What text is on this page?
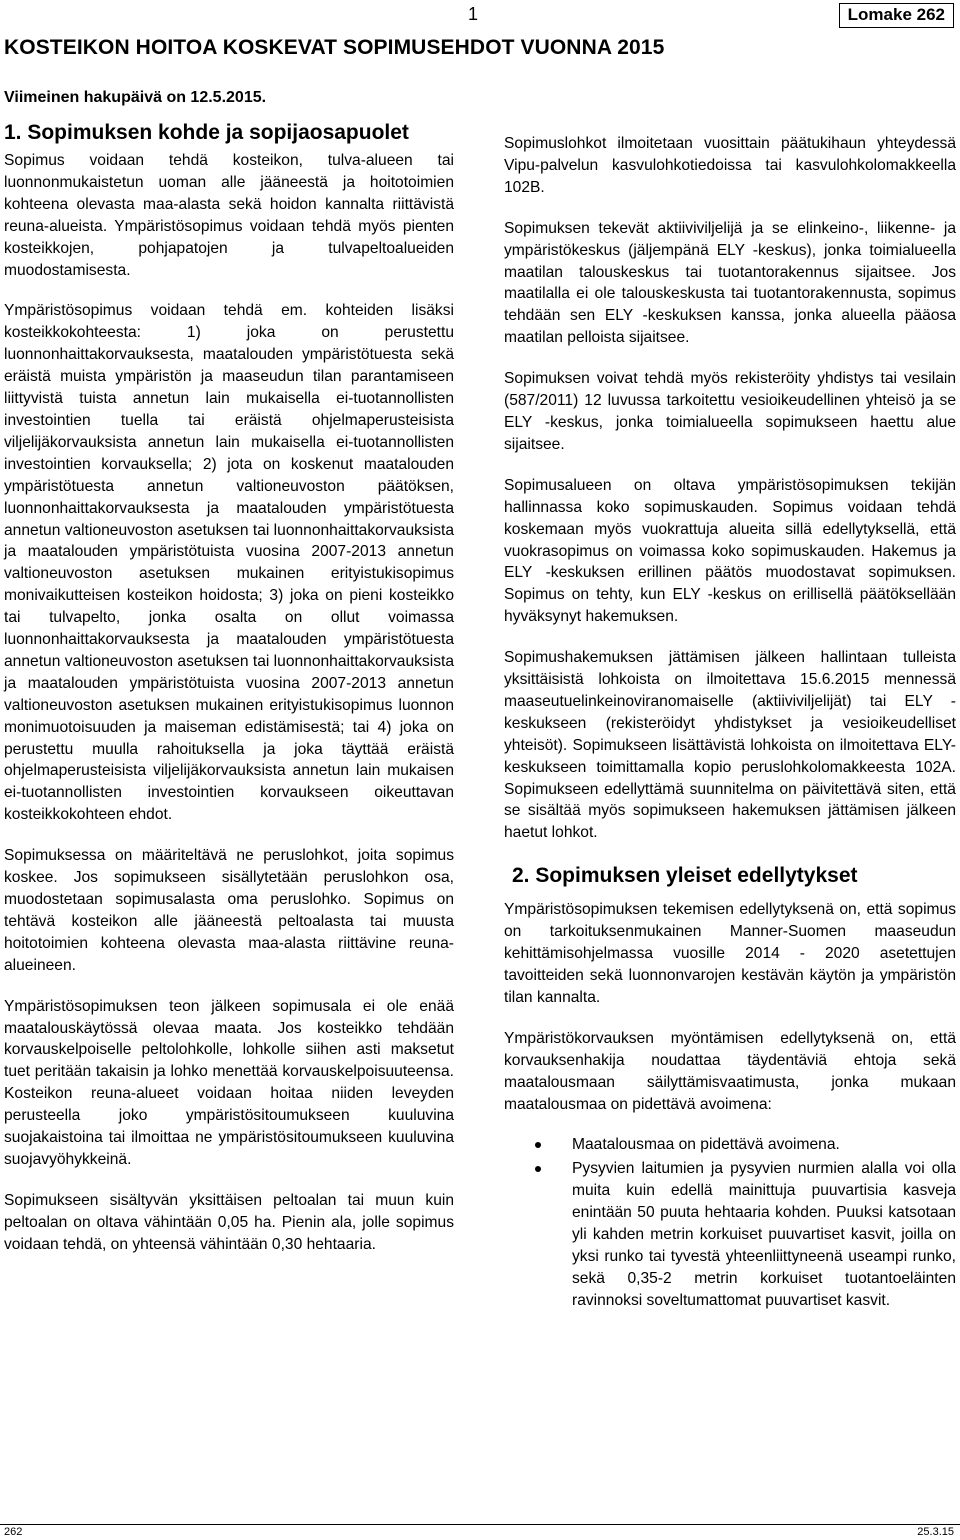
1	Lomake 262
KOSTEIKON HOITOA KOSKEVAT SOPIMUSEHDOT VUONNA 2015
Viimeinen hakupäivä on 12.5.2015.
1. Sopimuksen kohde ja sopijaosapuolet

Sopimus voidaan tehdä kosteikon, tulva-alueen tai luonnonmukaistetun uoman alle jääneestä ja hoitotoimien kohteena olevasta maa-alasta sekä hoidon kannalta riittävistä reuna-alueista. Ympäristösopimus voidaan tehdä myös pienten kosteikkojen, pohjapatojen ja tulvapeltoalueiden muodostamisesta.

Ympäristösopimus voidaan tehdä em. kohteiden lisäksi kosteikkokohteesta: 1) joka on perustettu luonnonhaittakorvauksesta, maatalouden ympäristötuesta sekä eräistä muista ympäristön ja maaseudun tilan parantamiseen liittyvistä tuista annetun lain mukaisella ei-tuotannollisten investointien tuella tai eräistä ohjelmaperusteisista viljelijäkorvauksista annetun lain mukaisella ei-tuotannollisten investointien korvauksella; 2) jota on koskenut maatalouden ympäristötuesta annetun valtioneuvoston päätöksen, luonnonhaittakorvauksesta ja maatalouden ympäristötuesta annetun valtioneuvoston asetuksen tai luonnonhaittakorvauksista ja maatalouden ympäristötuista vuosina 2007-2013 annetun valtioneuvoston asetuksen mukainen erityistukisopimus monivaikutteisen kosteikon hoidosta; 3) joka on pieni kosteikko tai tulvapelto, jonka osalta on ollut voimassa luonnonhaittakorvauksesta ja maatalouden ympäristötuesta annetun valtioneuvoston asetuksen tai luonnonhaittakorvauksista ja maatalouden ympäristötuista vuosina 2007-2013 annetun valtioneuvoston asetuksen mukainen erityistukisopimus luonnon monimuotoisuuden ja maiseman edistämisestä; tai 4) joka on perustettu muulla rahoituksella ja joka täyttää eräistä ohjelmaperusteisista viljelijäkorvauksista annetun lain mukaisen ei-tuotannollisten investointien korvaukseen oikeuttavan kosteikkokohteen ehdot.

Sopimuksessa on määriteltävä ne peruslohkot, joita sopimus koskee. Jos sopimukseen sisällytetään peruslohkon osa, muodostetaan sopimusalasta oma peruslohko. Sopimus on tehtävä kosteikon alle jääneestä peltoalasta tai muusta hoitotoimien kohteena olevasta maa-alasta riittävine reuna-alueineen.

Ympäristösopimuksen teon jälkeen sopimusala ei ole enää maatalouskäytössä olevaa maata. Jos kosteikko tehdään korvauskelpoiselle peltolohkolle, lohkolle siihen asti maksetut tuet peritään takaisin ja lohko menettää korvauskelpoisuuteensa. Kosteikon reuna-alueet voidaan hoitaa niiden leveyden perusteella joko ympäristösitoumukseen kuuluvina suojakaistoina tai ilmoittaa ne ympäristösitoumukseen kuuluvina suojavyöhykkeinä.

Sopimukseen sisältyvän yksittäisen peltoalan tai muun kuin peltoalan on oltava vähintään 0,05 ha. Pienin ala, jolle sopimus voidaan tehdä, on yhteensä vähintään 0,30 hehtaaria.

Sopimuslohkot ilmoitetaan vuosittain päätukihaun yhteydessä Vipu-palvelun kasvulohkotiedoissa tai kasvulohkolomakkeella 102B.

Sopimuksen tekevät aktiiviviljelijä ja se elinkeino-, liikenne- ja ympäristökeskus (jäljempänä ELY -keskus), jonka toimialueella maatilan talouskeskus tai tuotantorakennus sijaitsee. Jos maatilalla ei ole talouskeskusta tai tuotantorakennusta, sopimus tehdään sen ELY -keskuksen kanssa, jonka alueella pääosa maatilan pelloista sijaitsee.

Sopimuksen voivat tehdä myös rekisteröity yhdistys tai vesilain (587/2011) 12 luvussa tarkoitettu vesioikeudellinen yhteisö ja se ELY -keskus, jonka toimialueella sopimukseen haettu alue sijaitsee.

Sopimusalueen on oltava ympäristösopimuksen tekijän hallinnassa koko sopimuskauden. Sopimus voidaan tehdä koskemaan myös vuokrattuja alueita sillä edellytyksellä, että vuokrasopimus on voimassa koko sopimuskauden. Hakemus ja ELY -keskuksen erillinen päätös muodostavat sopimuksen. Sopimus on tehty, kun ELY -keskus on erillisellä päätöksellään hyväksynyt hakemuksen.

Sopimushakemuksen jättämisen jälkeen hallintaan tulleista yksittäisistä lohkoista on ilmoitettava 15.6.2015 mennessä maaseutuelinkeinoviranomaiselle (aktiiviviljelijät) tai ELY -keskukseen (rekisteröidyt yhdistykset ja vesioikeudelliset yhteisöt). Sopimukseen lisättävistä lohkoista on ilmoitettava ELY-keskukseen toimittamalla kopio peruslohkolomakkeesta 102A. Sopimukseen edellyttämä suunnitelma on päivitettävä siten, että se sisältää myös sopimukseen hakemuksen jättämisen jälkeen haetut lohkot.

2. Sopimuksen yleiset edellytykset

Ympäristösopimuksen tekemisen edellytyksenä on, että sopimus on tarkoituksenmukainen Manner-Suomen maaseudun kehittämisohjelmassa vuosille 2014 - 2020 asetettujen tavoitteiden sekä luonnonvarojen kestävän käytön ja ympäristön tilan kannalta.

Ympäristökorvauksen myöntämisen edellytyksenä on, että korvauksenhakija noudattaa täydentäviä ehtoja sekä maatalousmaan säilyttämisvaatimusta, jonka mukaan maatalousmaa on pidettävä avoimena:

Maatalousmaa on pidettävä avoimena.
Pysyvien laitumien ja pysyvien nurmien alalla voi olla muita kuin edellä mainittuja puuvartisia kasveja enintään 50 puuta hehtaaria kohden. Puuksi katsotaan yli kahden metrin korkuiset puuvartiset kasvit, joilla on yksi runko tai tyvestä yhteenliittyneenä useampi runko, sekä 0,35-2 metrin korkuiset tuotantoeläinten ravinnoksi soveltumattomat puuvartiset kasvit.
262	25.3.15
